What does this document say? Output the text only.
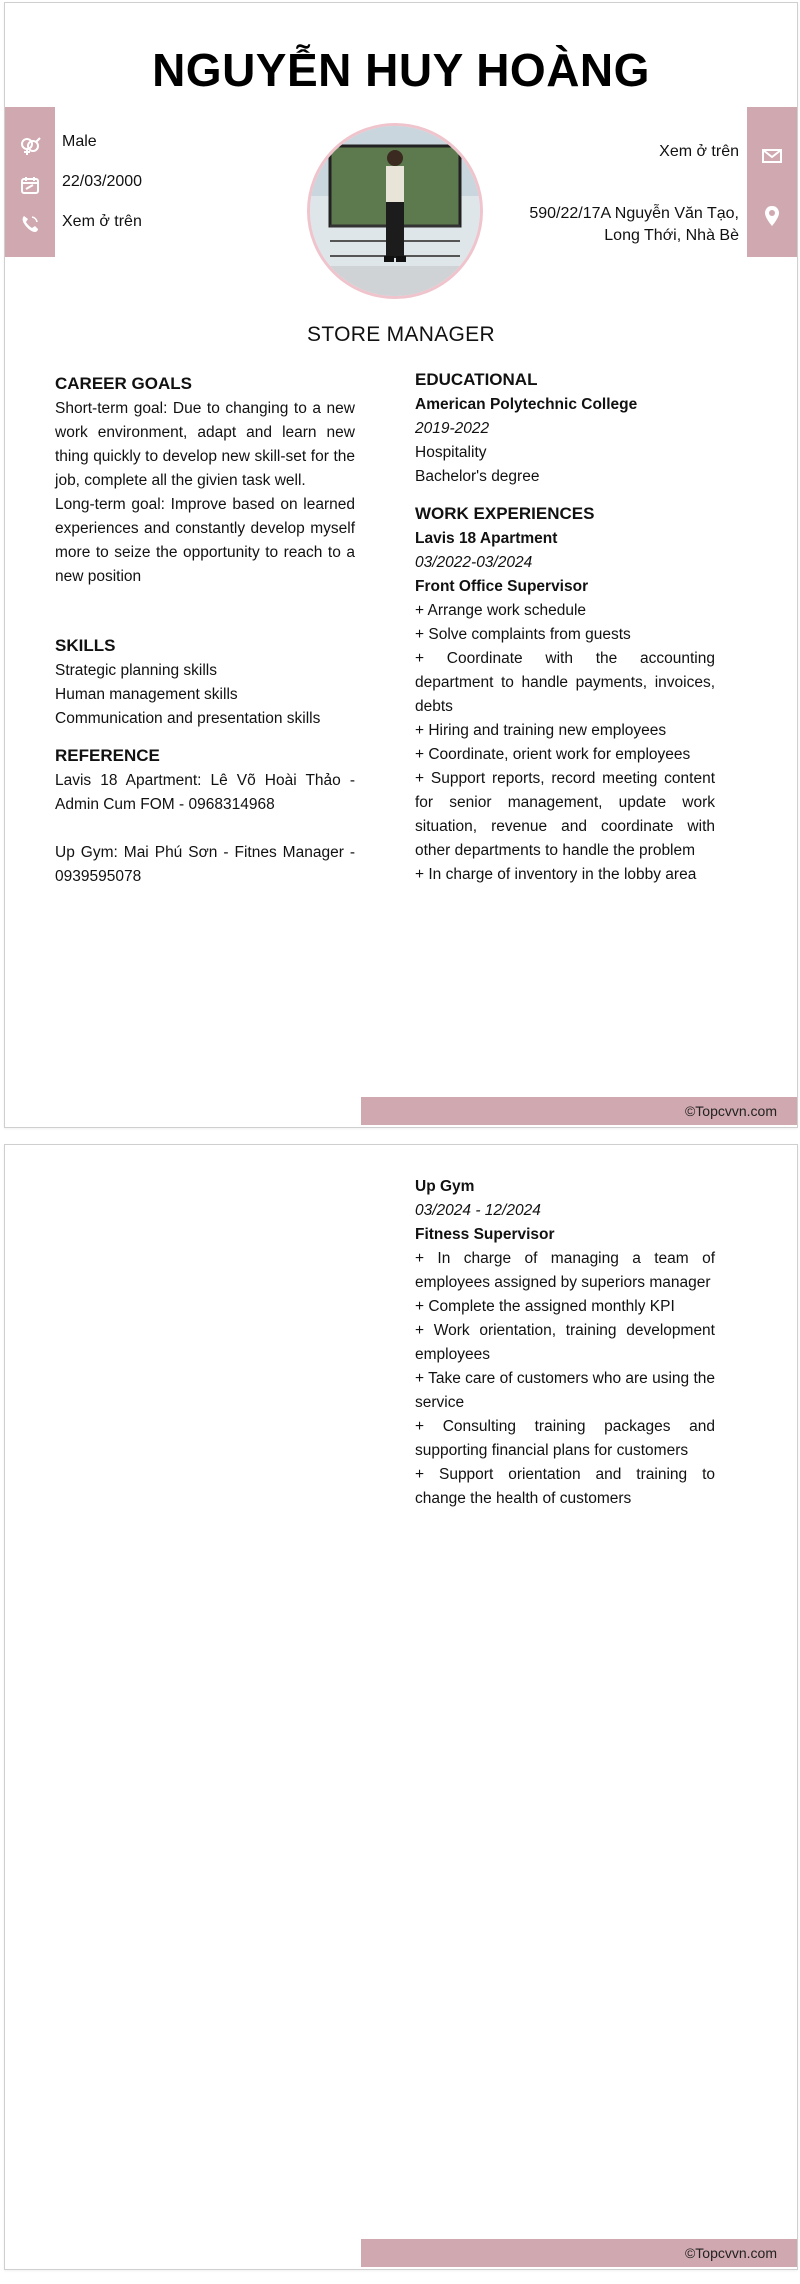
NGUYỄN HUY HOÀNG
Male
22/03/2000
Xem ở trên
Xem ở trên
590/22/17A Nguyễn Văn Tạo,
Long Thới, Nhà Bè
STORE MANAGER
CAREER GOALS

Short-term goal: Due to changing to a new work environment, adapt and learn new thing quickly to develop new skill-set for the job, complete all the givien task well.

Long-term goal: Improve based on learned experiences and constantly develop myself more to seize the opportunity to reach to a new position

SKILLS

Strategic planning skills

Human management skills

Communication and presentation skills

REFERENCE

Lavis 18 Apartment: Lê Võ Hoài Thảo - Admin Cum FOM - 0968314968

Up Gym: Mai Phú Sơn - Fitnes Manager - 0939595078

EDUCATIONAL

American Polytechnic College

2019-2022

Hospitality

Bachelor's degree

WORK EXPERIENCES

Lavis 18 Apartment

03/2022-03/2024

Front Office Supervisor

+ Arrange work schedule

+ Solve complaints from guests

+ Coordinate with the accounting department to handle payments, invoices, debts

+ Hiring and training new employees

+ Coordinate, orient work for employees

+ Support reports, record meeting content for senior management, update work situation, revenue and coordinate with other departments to handle the problem

+ In charge of inventory in the lobby area

©Topcvvn.com

Up Gym

03/2024 - 12/2024

Fitness Supervisor

+ In charge of managing a team of employees assigned by superiors manager

+ Complete the assigned monthly KPI

+ Work orientation, training development employees

+ Take care of customers who are using the service

+ Consulting training packages and supporting financial plans for customers

+ Support orientation and training to change the health of customers

©Topcvvn.com
